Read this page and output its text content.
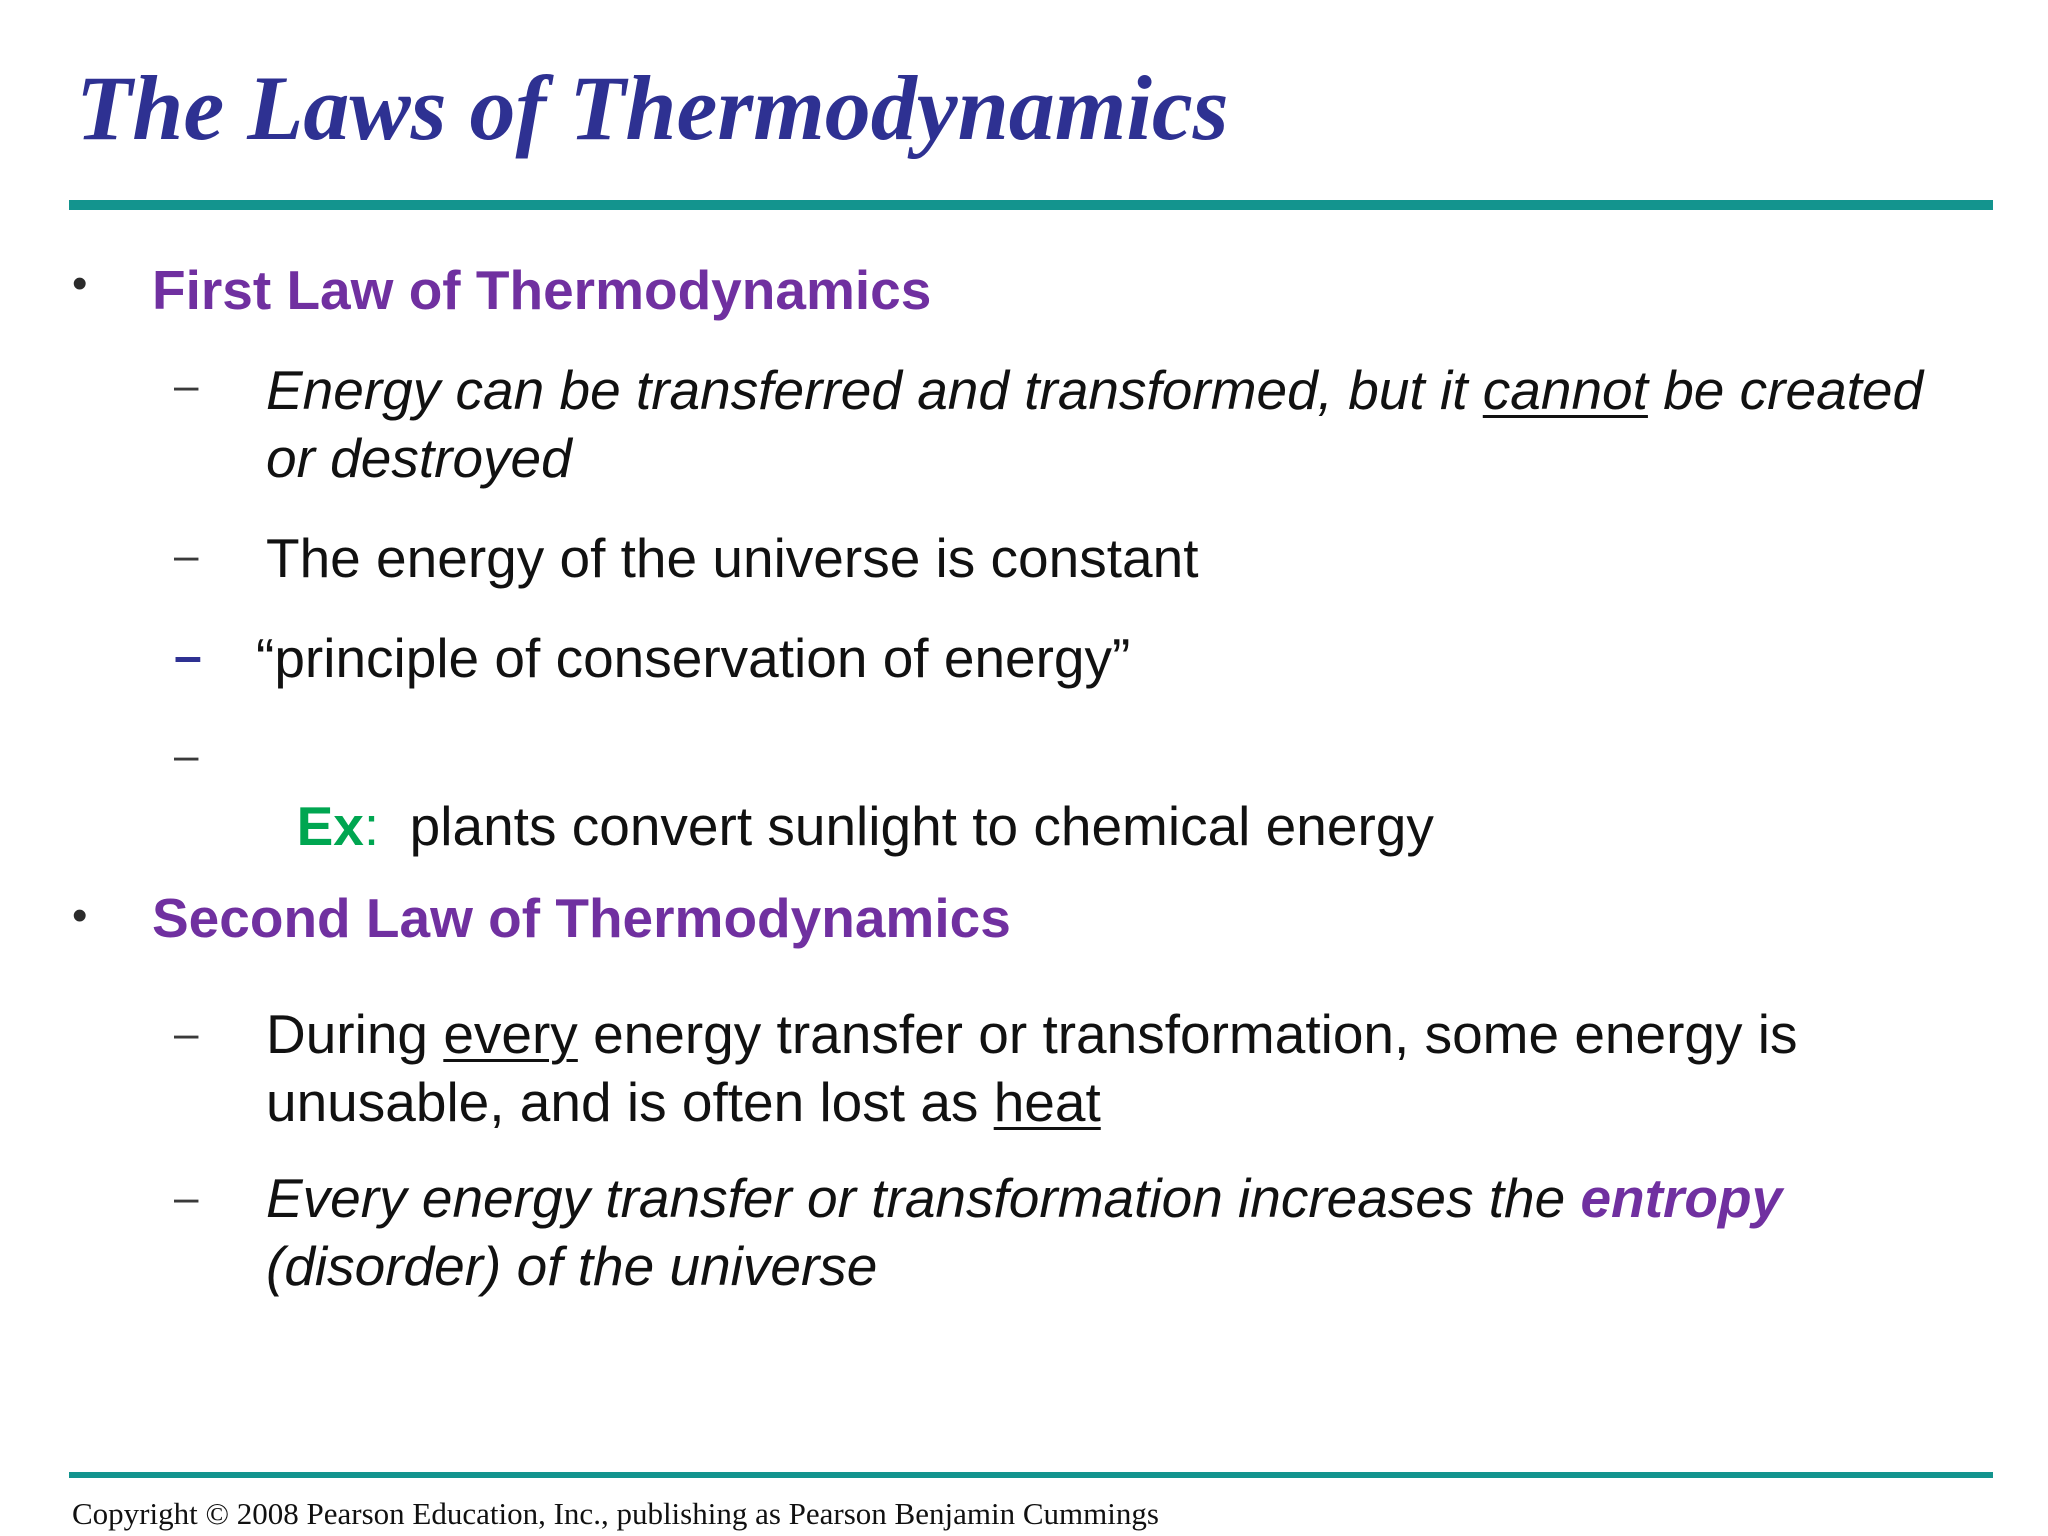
The Laws of Thermodynamics
• First Law of Thermodynamics
– Energy can be transferred and transformed, but it cannot be created or destroyed

– The energy of the universe is constant

– “principle of conservation of energy”

–

Ex:  plants convert sunlight to chemical energy

• Second Law of Thermodynamics
– During every energy transfer or transformation, some energy is unusable, and is often lost as heat

– Every energy transfer or transformation increases the entropy (disorder) of the universe

Copyright © 2008 Pearson Education, Inc., publishing as Pearson Benjamin Cummings
